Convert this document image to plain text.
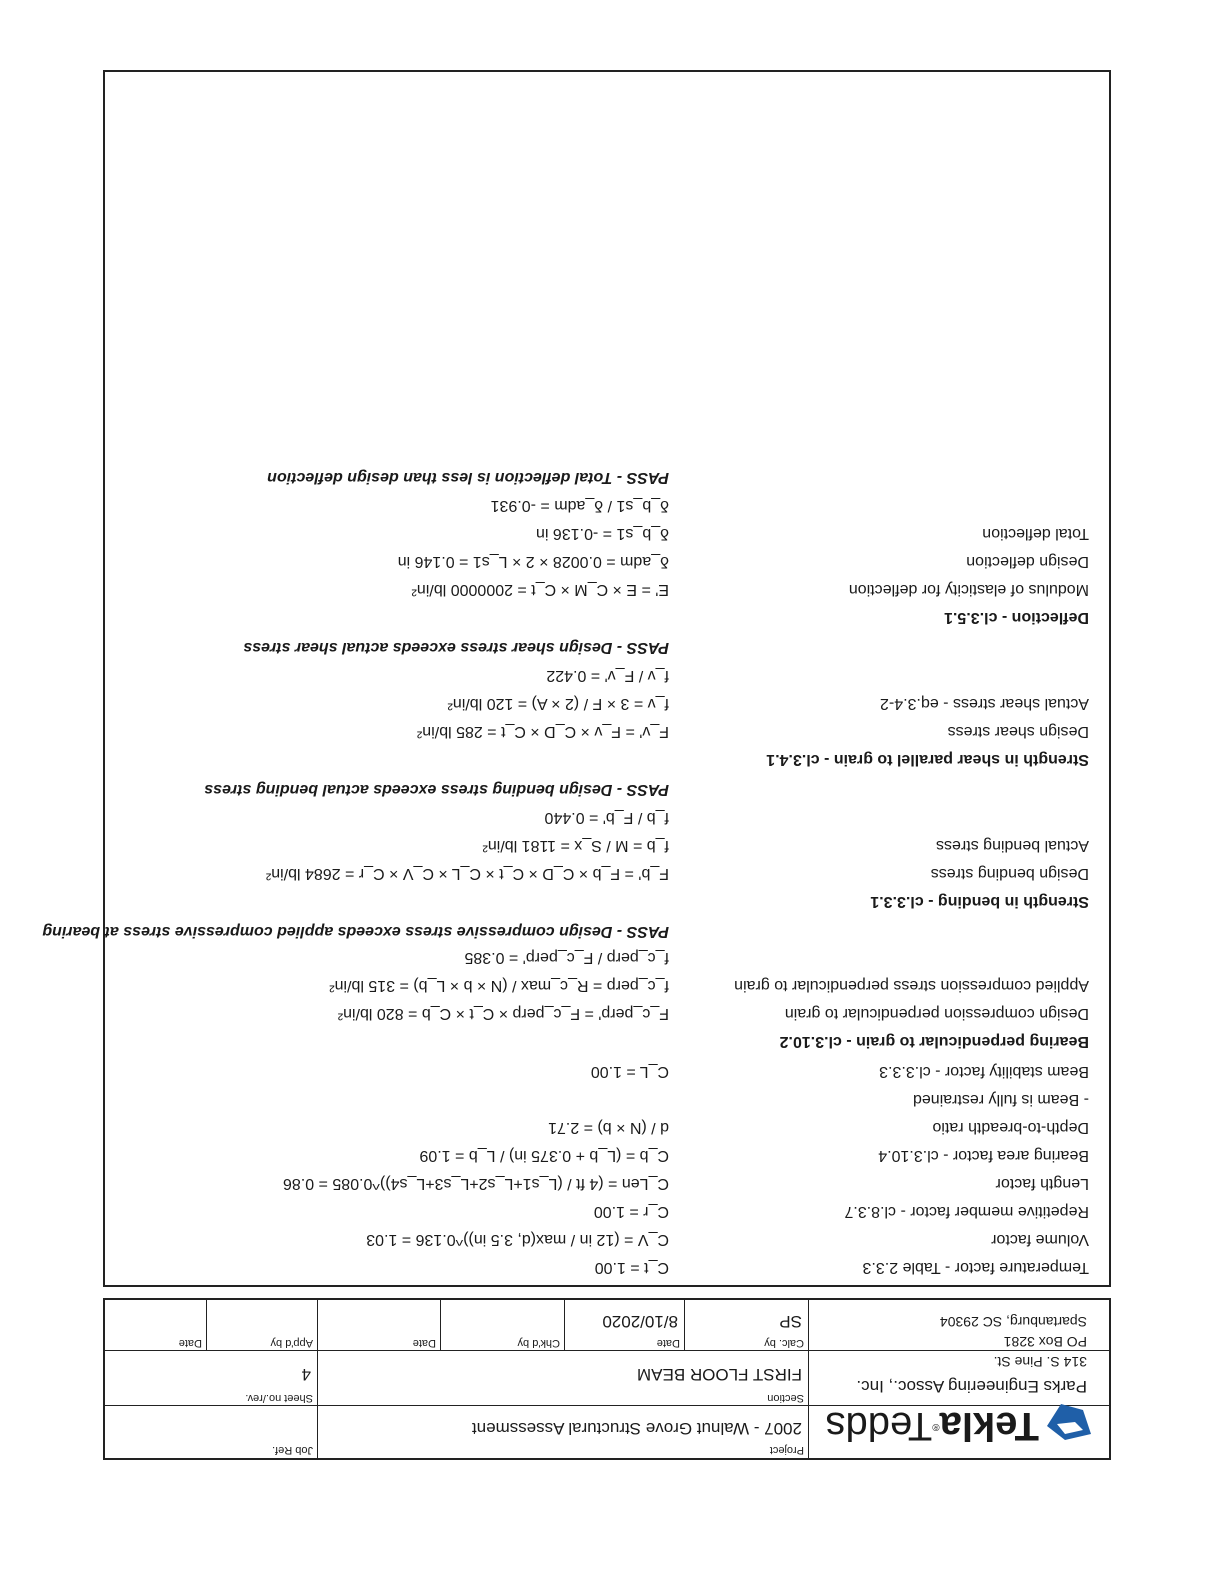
Project
2007 - Walnut Grove Structural Assessment
Job Ref.
Section
FIRST FLOOR BEAM
Sheet no./rev.
4
Calc. by
SP
Date
8/10/2020
Chk'd by
Date
App'd by
Date
Tekla®Tedds
Parks Engineering Assoc., Inc.
314 S. Pine St.
PO Box 3281
Spartanburg, SC 29304
Temperature factor - Table 2.3.3
C_t = 1.00
Volume factor
C_V = (12 in / max(d, 3.5 in))^0.136 = 1.03
Repetitive member factor - cl.8.3.7
C_r = 1.00
Length factor
C_Len = (4 ft / (L_s1+L_s2+L_s3+L_s4))^0.085 = 0.86
Bearing area factor - cl.3.10.4
C_b = (L_b + 0.375 in) / L_b = 1.09
Depth-to-breadth ratio
d / (N × b) = 2.71
- Beam is fully restrained
Beam stability factor - cl.3.3.3
C_L = 1.00
Bearing perpendicular to grain - cl.3.10.2
Design compression perpendicular to grain
F_c_perp' = F_c_perp × C_t × C_b = 820 lb/in²
Applied compression stress perpendicular to grain
f_c_perp = R_c_max / (N × b × L_b) = 315 lb/in²
f_c_perp / F_c_perp' = 0.385
PASS - Design compressive stress exceeds applied compressive stress at bearing
Strength in bending - cl.3.3.1
Design bending stress
F_b' = F_b × C_D × C_t × C_L × C_V × C_r = 2684 lb/in²
Actual bending stress
f_b = M / S_x = 1181 lb/in²
f_b / F_b' = 0.440
PASS - Design bending stress exceeds actual bending stress
Strength in shear parallel to grain - cl.3.4.1
Design shear stress
F_v' = F_v × C_D × C_t = 285 lb/in²
Actual shear stress - eq.3.4-2
f_v = 3 × F / (2 × A) = 120 lb/in²
f_v / F_v' = 0.422
PASS - Design shear stress exceeds actual shear stress
Deflection - cl.3.5.1
Modulus of elasticity for deflection
E' = E × C_M × C_t = 2000000 lb/in²
Design deflection
δ_adm = 0.0028 × 2 × L_s1 = 0.146 in
Total deflection
δ_b_s1 = -0.136 in
δ_b_s1 / δ_adm = -0.931
PASS - Total deflection is less than design deflection
